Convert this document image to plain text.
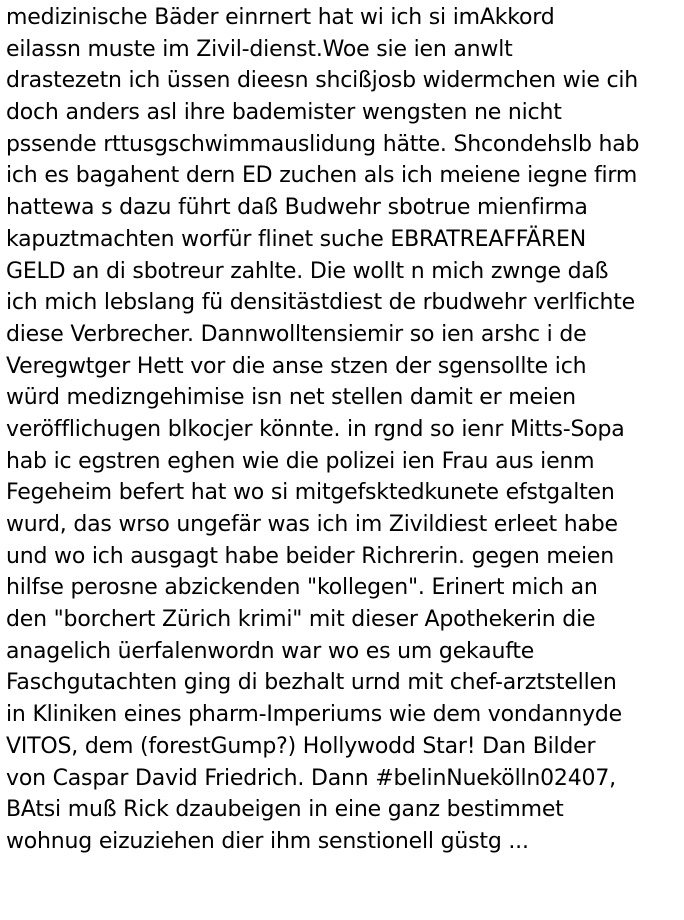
medizinische Bäder einrnert hat wi ich si imAkkord
eilassn muste im Zivil-dienst.Woe sie ien anwlt
drastezetn ich üssen dieesn shcißjosb widermchen wie cih
doch anders asl ihre bademister wengsten ne nicht
pssende rttusgschwimmauslidung hätte. Shcondehslb hab
ich es bagahent dern ED zuchen als ich meiene iegne firm
hattewa s dazu führt daß Budwehr sbotrue mienfirma
kapuztmachten worfür flinet suche EBRATREAFFÄREN
GELD an di sbotreur zahlte. Die wollt n mich zwnge daß
ich mich lebslang fü densitästdiest de rbudwehr verlfichte
diese Verbrecher. Dannwolltensiemir so ien arshc i de
Veregwtger Hett vor die anse stzen der sgensollte ich
würd medizngehimise isn net stellen damit er meien
veröfflichugen blkocjer könnte. in rgnd so ienr Mitts-Sopa
hab ic egstren eghen wie die polizei ien Frau aus ienm
Fegeheim befert hat wo si mitgefsktedkunete efstgalten
wurd, das wrso ungefär was ich im Zivildiest erleet habe
und wo ich ausgagt habe beider Richrerin. gegen meien
hilfse perosne abzickenden "kollegen". Erinert mich an
den "borchert Zürich krimi" mit dieser Apothekerin die
anagelich üerfalenwordn war wo es um gekaufte
Faschgutachten ging di bezhalt urnd mit chef-arztstellen
in Kliniken eines pharm-Imperiums wie dem vondannyde
VITOS, dem (forestGump?) Hollywodd Star! Dan Bilder
von Caspar David Friedrich. Dann #belinNuekölln02407,
BAtsi muß Rick dzaubeigen in eine ganz bestimmet
wohnug eizuziehen dier ihm senstionell güstg ...
